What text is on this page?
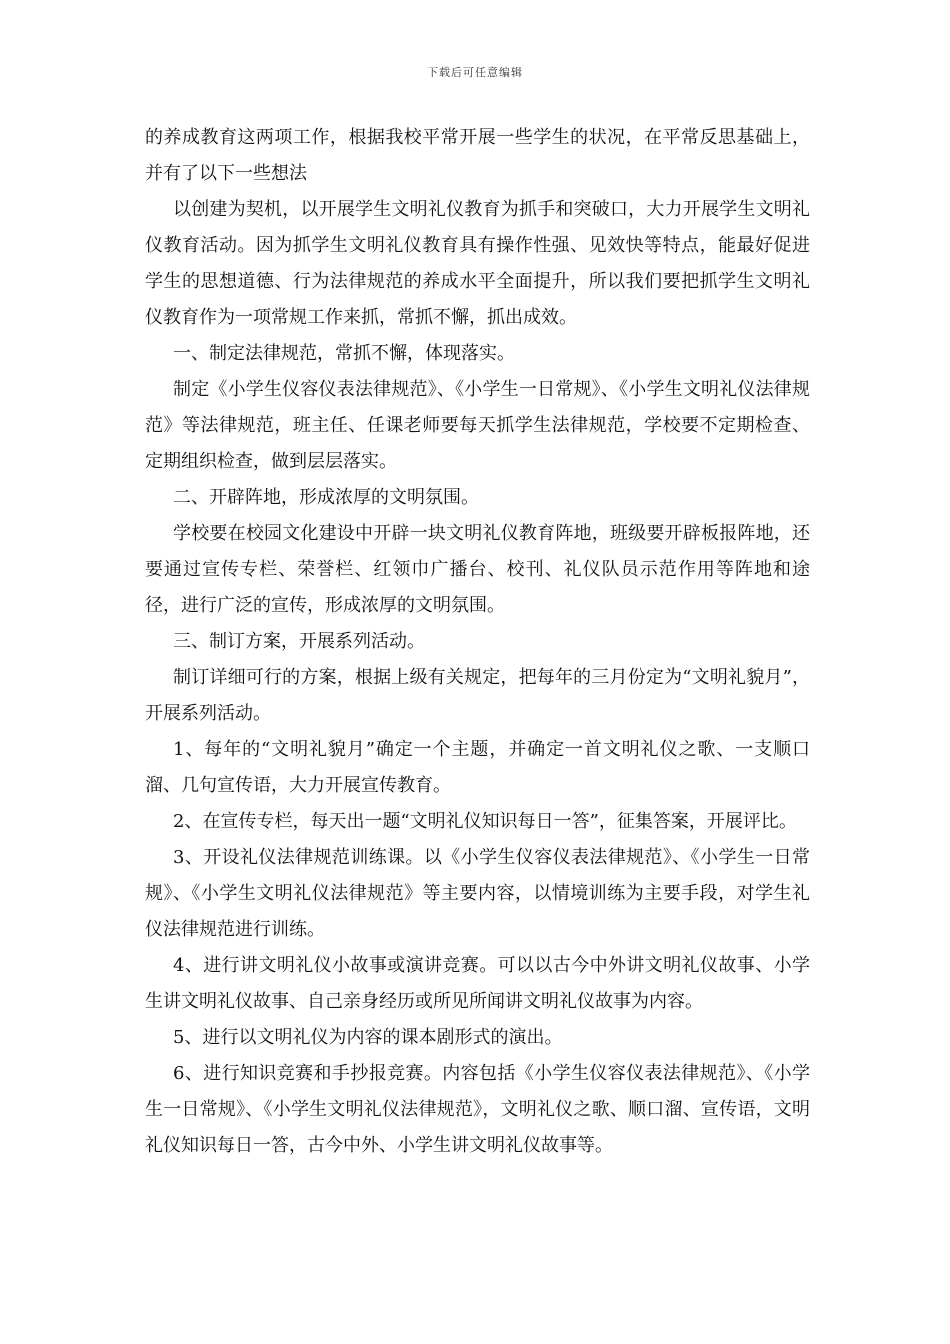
下载后可任意编辑

的养成教育这两项工作，根据我校平常开展一些学生的状况，在平常反思基础上，并有了以下一些想法

以创建为契机，以开展学生文明礼仪教育为抓手和突破口，大力开展学生文明礼仪教育活动。因为抓学生文明礼仪教育具有操作性强、见效快等特点，能最好促进学生的思想道德、行为法律规范的养成水平全面提升，所以我们要把抓学生文明礼仪教育作为一项常规工作来抓，常抓不懈，抓出成效。

一、制定法律规范，常抓不懈，体现落实。

制定《小学生仪容仪表法律规范》、《小学生一日常规》、《小学生文明礼仪法律规范》等法律规范，班主任、任课老师要每天抓学生法律规范，学校要不定期检查、定期组织检查，做到层层落实。

二、开辟阵地，形成浓厚的文明氛围。

学校要在校园文化建设中开辟一块文明礼仪教育阵地，班级要开辟板报阵地，还要通过宣传专栏、荣誉栏、红领巾广播台、校刊、礼仪队员示范作用等阵地和途径，进行广泛的宣传，形成浓厚的文明氛围。

三、制订方案，开展系列活动。

制订详细可行的方案，根据上级有关规定，把每年的三月份定为“文明礼貌月”，开展系列活动。

1、每年的“文明礼貌月”确定一个主题，并确定一首文明礼仪之歌、一支顺口溜、几句宣传语，大力开展宣传教育。

2、在宣传专栏，每天出一题“文明礼仪知识每日一答”，征集答案，开展评比。

3、开设礼仪法律规范训练课。以《小学生仪容仪表法律规范》、《小学生一日常规》、《小学生文明礼仪法律规范》等主要内容，以情境训练为主要手段，对学生礼仪法律规范进行训练。

4、进行讲文明礼仪小故事或演讲竞赛。可以以古今中外讲文明礼仪故事、小学生讲文明礼仪故事、自己亲身经历或所见所闻讲文明礼仪故事为内容。

5、进行以文明礼仪为内容的课本剧形式的演出。

6、进行知识竞赛和手抄报竞赛。内容包括《小学生仪容仪表法律规范》、《小学生一日常规》、《小学生文明礼仪法律规范》，文明礼仪之歌、顺口溜、宣传语，文明礼仪知识每日一答，古今中外、小学生讲文明礼仪故事等。
